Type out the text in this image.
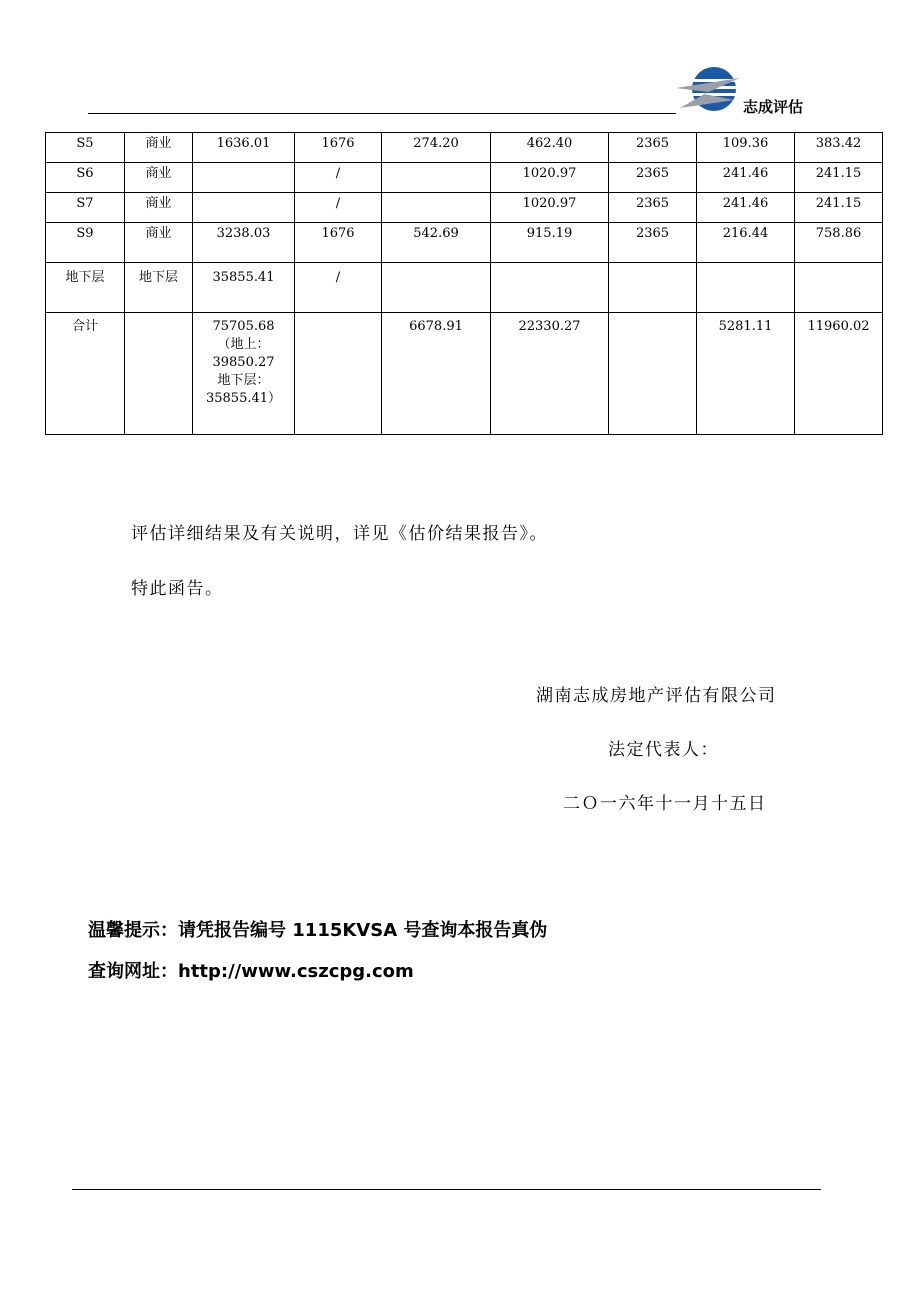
志成评估
S5	商业	1636.01	1676	274.20	462.40	2365	109.36	383.42
S6	商业		/		1020.97	2365	241.46	241.15
S7	商业		/		1020.97	2365	241.46	241.15
S9	商业	3238.03	1676	542.69	915.19	2365	216.44	758.86
地下层	地下层	35855.41	/					
合计		75705.68
（地上：
39850.27
地下层：
35855.41）		6678.91	22330.27		5281.11	11960.02
评估详细结果及有关说明，详见《估价结果报告》。
特此函告。
湖南志成房地产评估有限公司
法定代表人：
二Ｏ一六年十一月十五日
温馨提示：请凭报告编号 1115KVSA 号查询本报告真伪
查询网址：http://www.cszcpg.com
